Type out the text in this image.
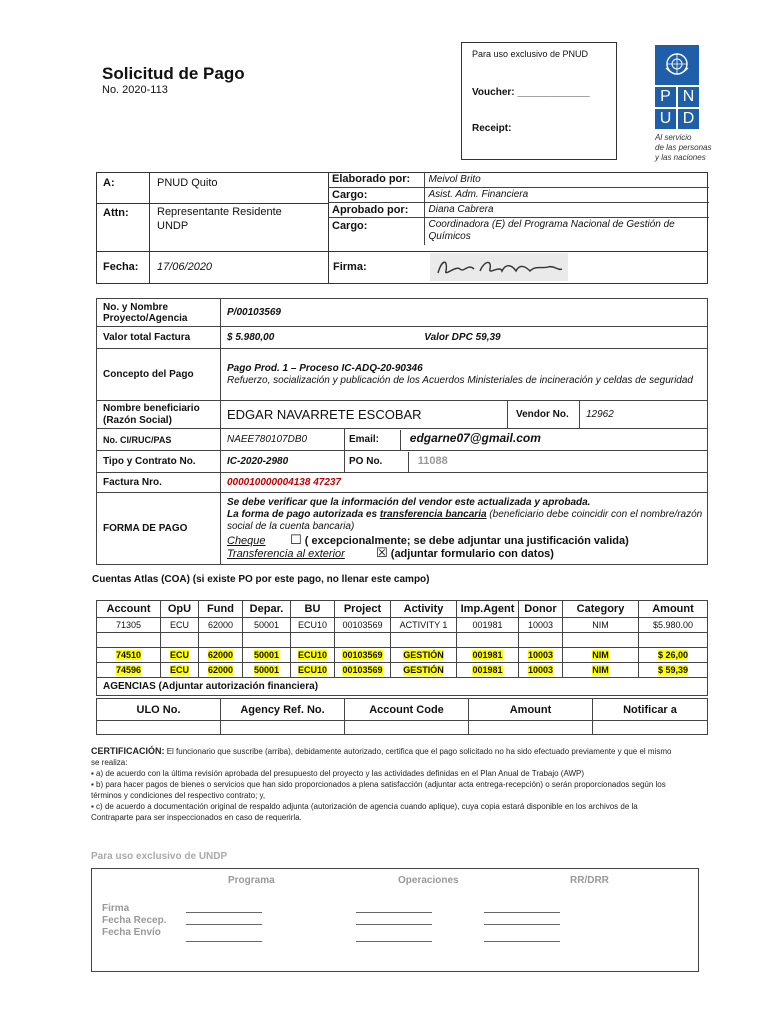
Solicitud de Pago
No. 2020-113
Para uso exclusivo de PNUD
Voucher: _____________
Receipt:
P N
U D
Al servicio
de las personas
y las naciones
A:	PNUD Quito
Attn:	Representante Residente
UNDP
Fecha: 17/06/2020
Elaborado por:	Meivol Brito
Cargo:	Asist. Adm. Financiera
Aprobado por:	Diana Cabrera
Cargo:	Coordinadora (E) del Programa Nacional de Gestión de Químicos
Firma:
No. y Nombre Proyecto/Agencia	P/00103569			
Valor total Factura	$ 5.980,00 Valor DPC 59,39			
Concepto del Pago	Pago Prod. 1 – Proceso IC-ADQ-20-90346
Refuerzo, socialización y publicación de los Acuerdos Ministeriales de incineración y celdas de seguridad			

Nombre beneficiario (Razón Social)	EDGAR NAVARRETE ESCOBAR		Vendor No.	12962
No. CI/RUC/PAS	NAEE780107DB0	Email: edgarne07@gmail.com		
Tipo y Contrato No.	IC-2020-2980	PO No. 11088		
Factura Nro.	000010000004138 47237			
FORMA DE PAGO	Se debe verificar que la información del vendor este actualizada y aprobada.
La forma de pago autorizada es transferencia bancaria (beneficiario debe coincidir con el nombre/razón social de la cuenta bancaria)
Cheque ☐ ( excepcionalmente; se debe adjuntar una justificación valida)
Transferencia al exterior ☒ (adjuntar formulario con datos)			
Cuentas Atlas (COA) (si existe PO por este pago, no llenar este campo)
Account	OpU	Fund	Depar.	BU	Project	Activity	Imp.Agent	Donor	Category	Amount
71305	ECU	62000	50001	ECU10	00103569	ACTIVITY 1	001981	10003	NIM	$5.980.00

74510	ECU	62000	50001	ECU10	00103569	GESTIÓN	001981	10003	NIM	$ 26,00
74596	ECU	62000	50001	ECU10	00103569	GESTIÓN	001981	10003	NIM	$ 59,39
AGENCIAS (Adjuntar autorización financiera)										
ULO No.	Agency Ref. No.	Account Code	Amount	Notificar a

CERTIFICACIÓN: El funcionario que suscribe (arriba), debidamente autorizado, certifica que el pago solicitado no ha sido efectuado previamente y que el mismo se realiza:
▪ a) de acuerdo con la última revisión aprobada del presupuesto del proyecto y las actividades definidas en el Plan Anual de Trabajo (AWP)
▪ b) para hacer pagos de bienes o servicios que han sido proporcionados a plena satisfacción (adjuntar acta entrega-recepción) o serán proporcionados según los términos y condiciones del respectivo contrato; y,
▪ c) de acuerdo a documentación original de respaldo adjunta (autorización de agencia cuando aplique), cuya copia estará disponible en los archivos de la Contraparte para ser inspeccionados en caso de requerirla.
Para uso exclusivo de UNDP
Programa	Operaciones	RR/DRR
Firma
Fecha Recep.
Fecha Envío
